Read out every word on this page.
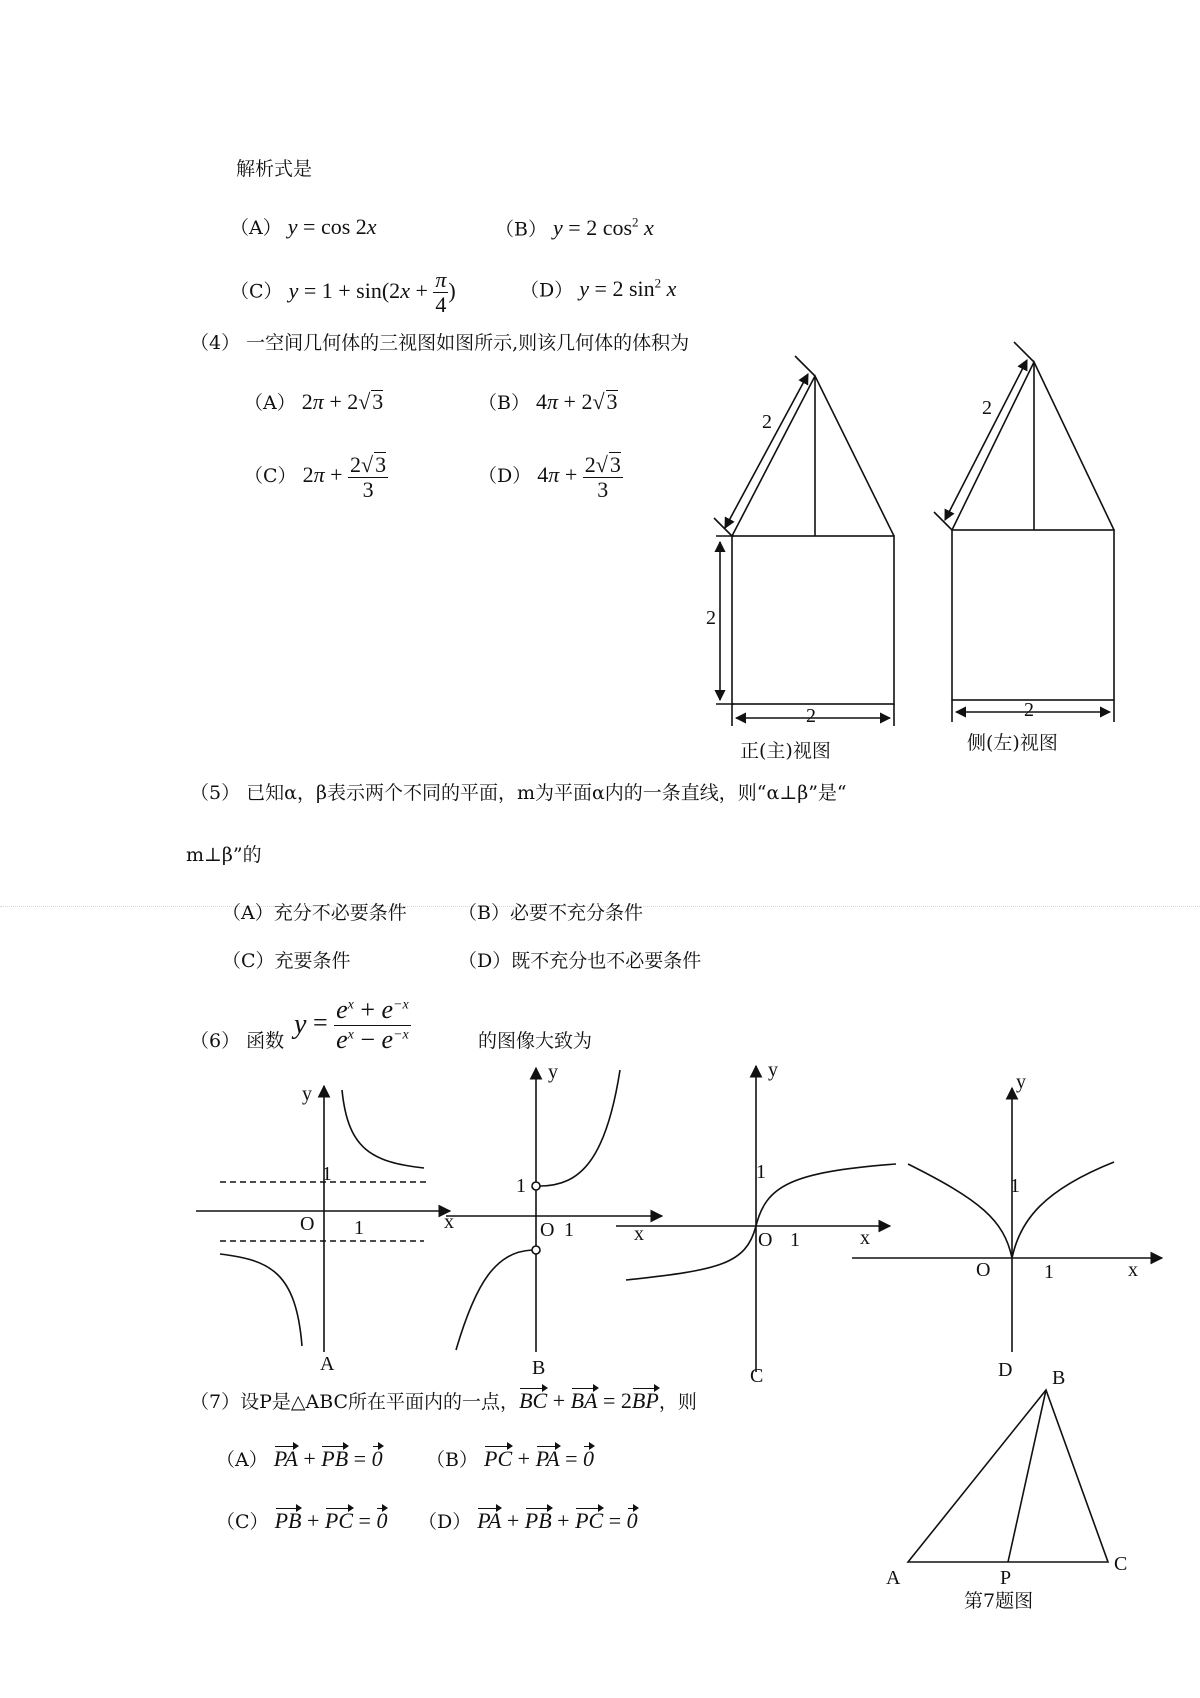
解析式是
（A） y = cos 2x	（B） y = 2 $\cos^2 x$
（C） $y = 1 + \sin(2x + \frac{\pi}{4}$ )	（D） y = 2 $\sin^2 x$
（4） 一空间几何体的三视图如图所示,则该几何体的体积为
（A） 2π + 2√3	（B） 4π + 2√3
（C） $2\pi + \frac{2√3}{3}$	（D） $4\pi + \frac{2√3}{3}$
2
2
2
2
2
正(主)视图	侧(左)视图
（5） 已知α，β表示两个不同的平面，m为平面α内的一条直线，则“α⊥β”是“
m⊥β”的
（A）充分不必要条件	（B）必要不充分条件
（C）充要条件	（D）既不充分也不必要条件
（6） 函数
$y = \frac{e^x + e^{-x}}{e^x - e^{-x}}$	的图像大致为
y
1
O 1	x
A
y
1
O 1	x
B
y
1
O 1	x
C
y
1
O	1	x
D
（7）设P是△ABC所在平面内的一点，BC + BA = 2BP，则
（A） PA + PB = 0 （B） PC + PA = 0
（C） PB + PC = 0 （D） PA + PB + PC = 0
A
B
C
P
第7题图
